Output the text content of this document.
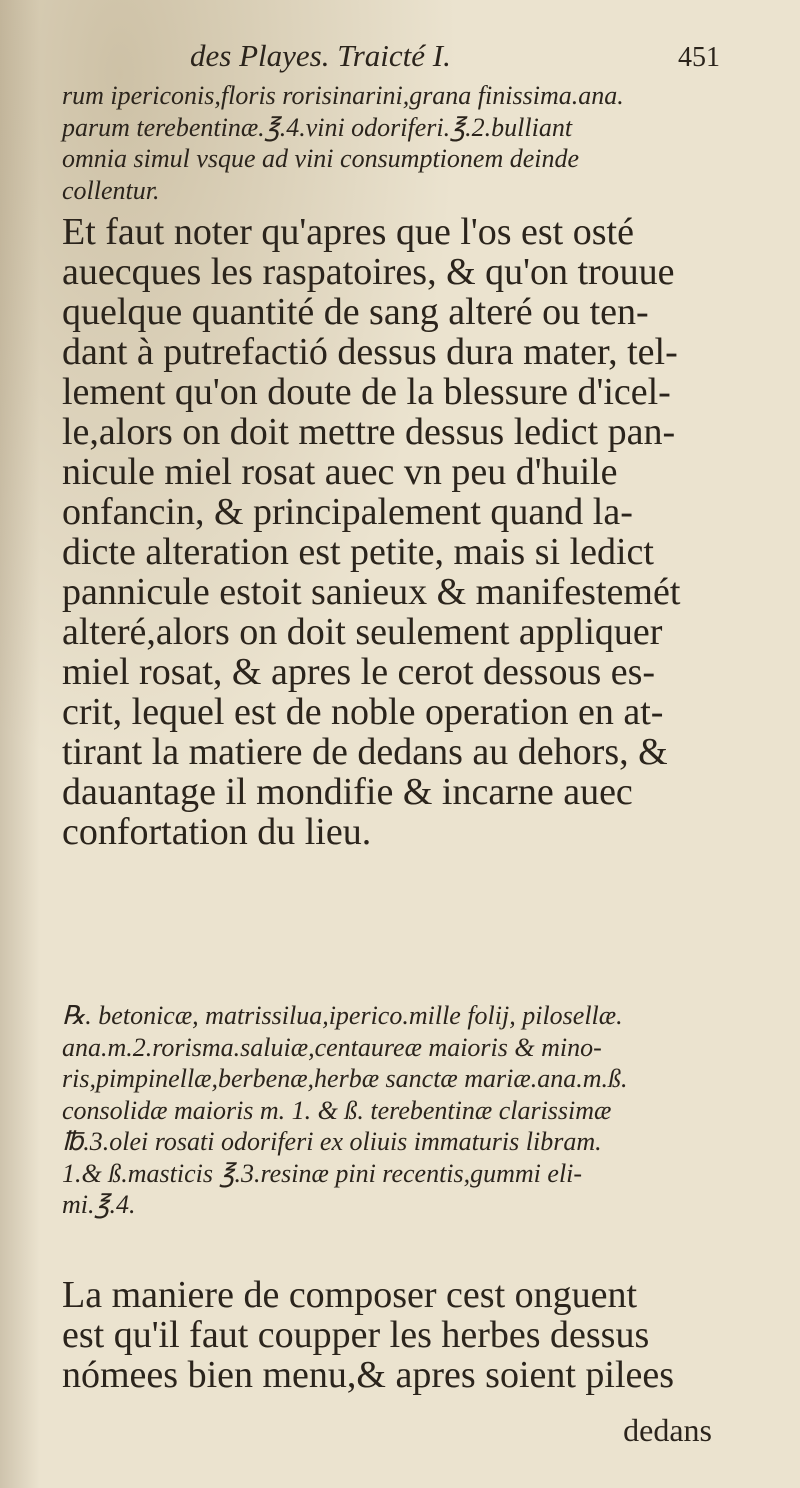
des Playes. Traicté I.	451
rum ipericonis,floris rorisinarini,grana finissima.ana.
parum terebentinæ.℥.4.vini odoriferi.℥.2.bulliant
omnia simul vsque ad vini consumptionem deinde
collentur.
Et faut noter qu'apres que l'os est osté
auecques les raspatoires, & qu'on trouue
quelque quantité de sang alteré ou ten-
dant à putrefactió dessus dura mater, tel-
lement qu'on doute de la blessure d'icel-
le,alors on doit mettre dessus ledict pan-
nicule miel rosat auec vn peu d'huile
onfancin, & principalement quand la-
dicte alteration est petite, mais si ledict
pannicule estoit sanieux & manifestemét
alteré,alors on doit seulement appliquer
miel rosat, & apres le cerot dessous es-
crit, lequel est de noble operation en at-
tirant la matiere de dedans au dehors, &
dauantage il mondifie & incarne auec
confortation du lieu.
℞. betonicæ, matrissilua,iperico.mille folij, pilosellæ.
ana.m.2.rorisma.saluiæ,centaureæ maioris & mino-
ris,pimpinellæ,berbenæ,herbæ sanctæ mariæ.ana.m.ß.
consolidæ maioris m. 1. & ß. terebentinæ clarissimæ
℔.3.olei rosati odoriferi ex oliuis immaturis libram.
1.& ß.masticis ℥.3.resinæ pini recentis,gummi eli-
mi.℥.4.
La maniere de composer cest onguent
est qu'il faut coupper les herbes dessus
nómees bien menu,& apres soient pilees
dedans
